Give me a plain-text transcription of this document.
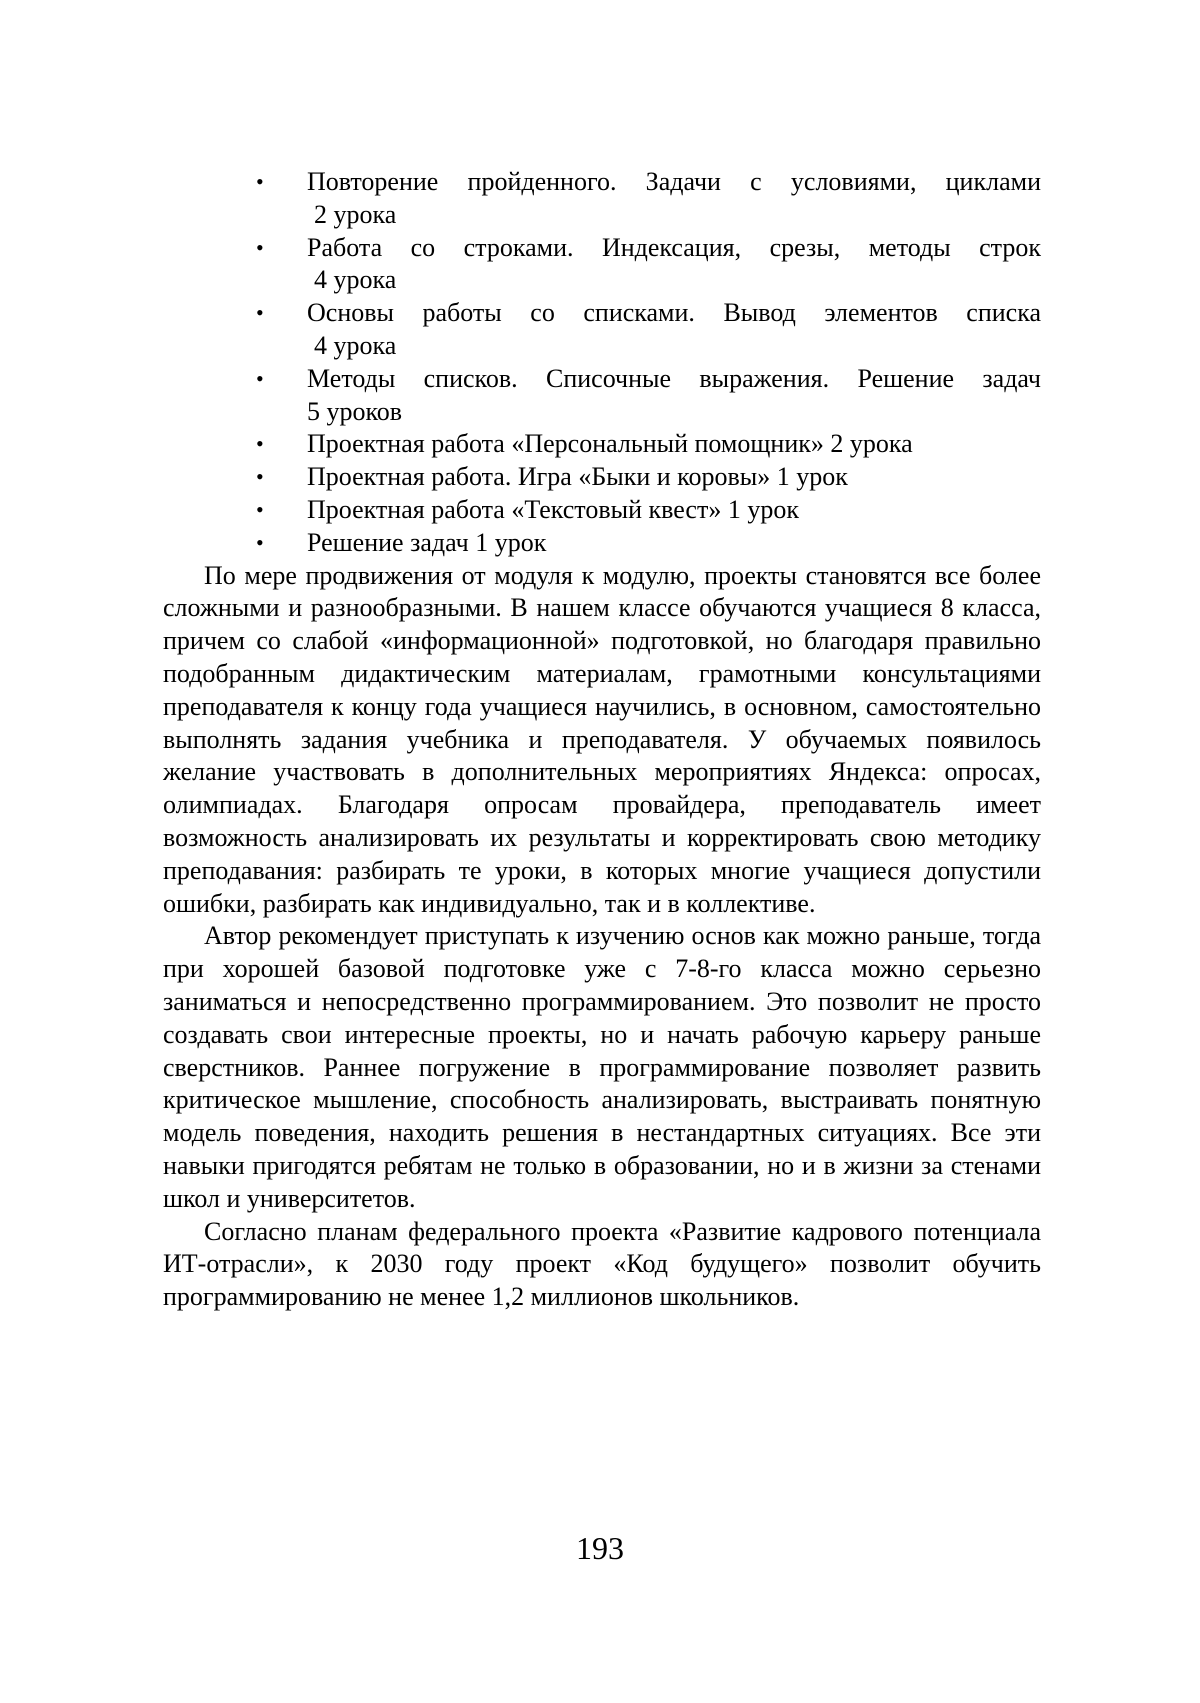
• Повторение пройденного. Задачи с условиями, циклами
2 урока
• Работа со строками. Индексация, срезы, методы строк
4 урока
• Основы работы со списками. Вывод элементов списка
4 урока
• Методы списков. Списочные выражения. Решение задач
5 уроков
• Проектная работа «Персональный помощник» 2 урока
• Проектная работа. Игра «Быки и коровы» 1 урок
• Проектная работа «Текстовый квест» 1 урок
• Решение задач 1 урок

По мере продвижения от модуля к модулю, проекты становятся все более сложными и разнообразными. В нашем классе обучаются учащиеся 8 класса, причем со слабой «информационной» подготовкой, но благодаря правильно подобранным дидактическим материалам, грамотными консультациями преподавателя к концу года учащиеся научились, в основном, самостоятельно выполнять задания учебника и преподавателя. У обучаемых появилось желание участвовать в дополнительных мероприятиях Яндекса: опросах, олимпиадах. Благодаря опросам провайдера, преподаватель имеет возможность анализировать их результаты и корректировать свою методику преподавания: разбирать те уроки, в которых многие учащиеся допустили ошибки, разбирать как индивидуально, так и в коллективе.

Автор рекомендует приступать к изучению основ как можно раньше, тогда при хорошей базовой подготовке уже с 7-8-го класса можно серьезно заниматься и непосредственно программированием. Это позволит не просто создавать свои интересные проекты, но и начать рабочую карьеру раньше сверстников. Раннее погружение в программирование позволяет развить критическое мышление, способность анализировать, выстраивать понятную модель поведения, находить решения в нестандартных ситуациях. Все эти навыки пригодятся ребятам не только в образовании, но и в жизни за стенами школ и университетов.

Согласно планам федерального проекта «Развитие кадрового потенциала ИТ-отрасли», к 2030 году проект «Код будущего» позволит обучить программированию не менее 1,2 миллионов школьников.

193
